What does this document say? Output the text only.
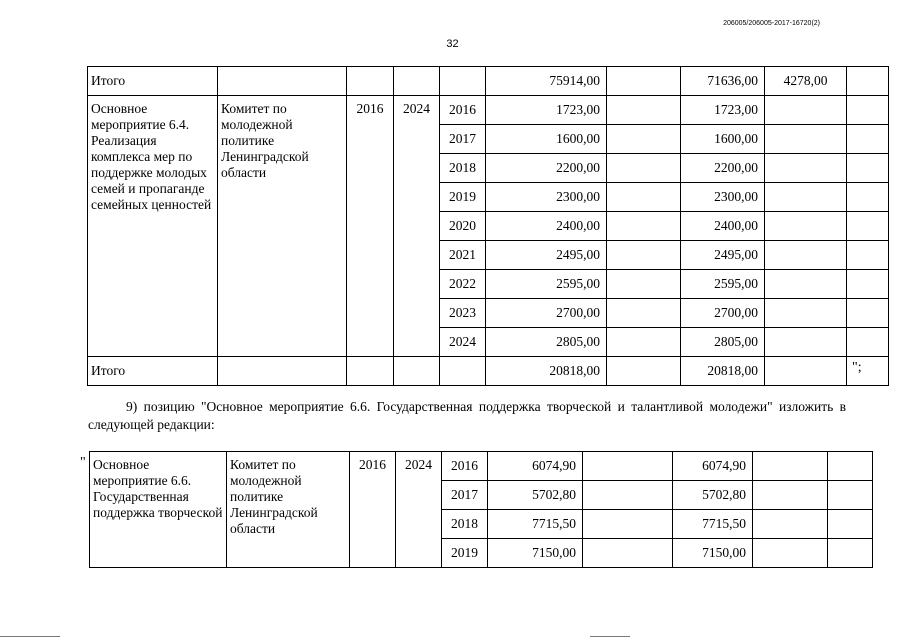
206005/206005-2017-16720(2)
32
Итого					75914,00		71636,00	4278,00	
Основное мероприятие 6.4. Реализация комплекса мер по поддержке молодых семей и пропаганде семейных ценностей	Комитет по молодежной политике Ленинградской области	2016	2024	2016	1723,00		1723,00		
				2017	1600,00		1600,00		
				2018	2200,00		2200,00		
				2019	2300,00		2300,00		
				2020	2400,00		2400,00		
				2021	2495,00		2495,00		
				2022	2595,00		2595,00		
				2023	2700,00		2700,00		
				2024	2805,00		2805,00		
Итого					20818,00		20818,00			";
9) позицию "Основное мероприятие 6.6. Государственная поддержка творческой и талантливой молодежи" изложить в следующей редакции:
" Основное мероприятие 6.6. Государственная поддержка творческой	Комитет по молодежной политике Ленинградской области	2016	2024	2016	6074,90		6074,90		
				2017	5702,80		5702,80		
				2018	7715,50		7715,50		
				2019	7150,00		7150,00		
